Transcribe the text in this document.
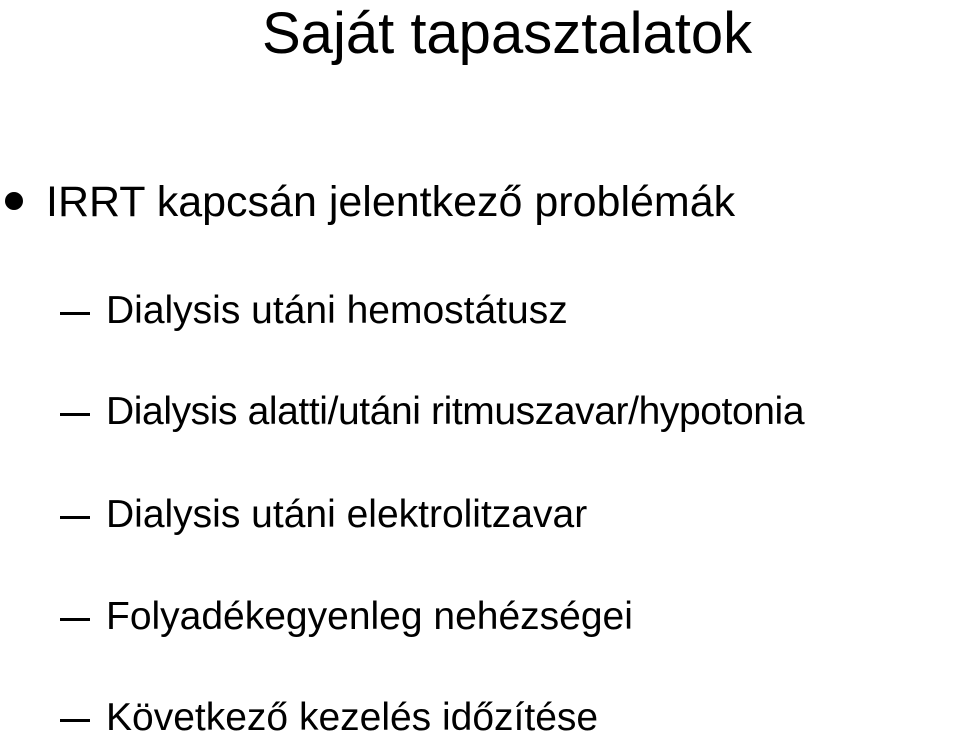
Saját tapasztalatok
IRRT kapcsán jelentkező problémák
Dialysis utáni hemostátusz
Dialysis alatti/utáni ritmuszavar/hypotonia
Dialysis utáni elektrolitzavar
Folyadékegyenleg nehézségei
Következő kezelés időzítése
